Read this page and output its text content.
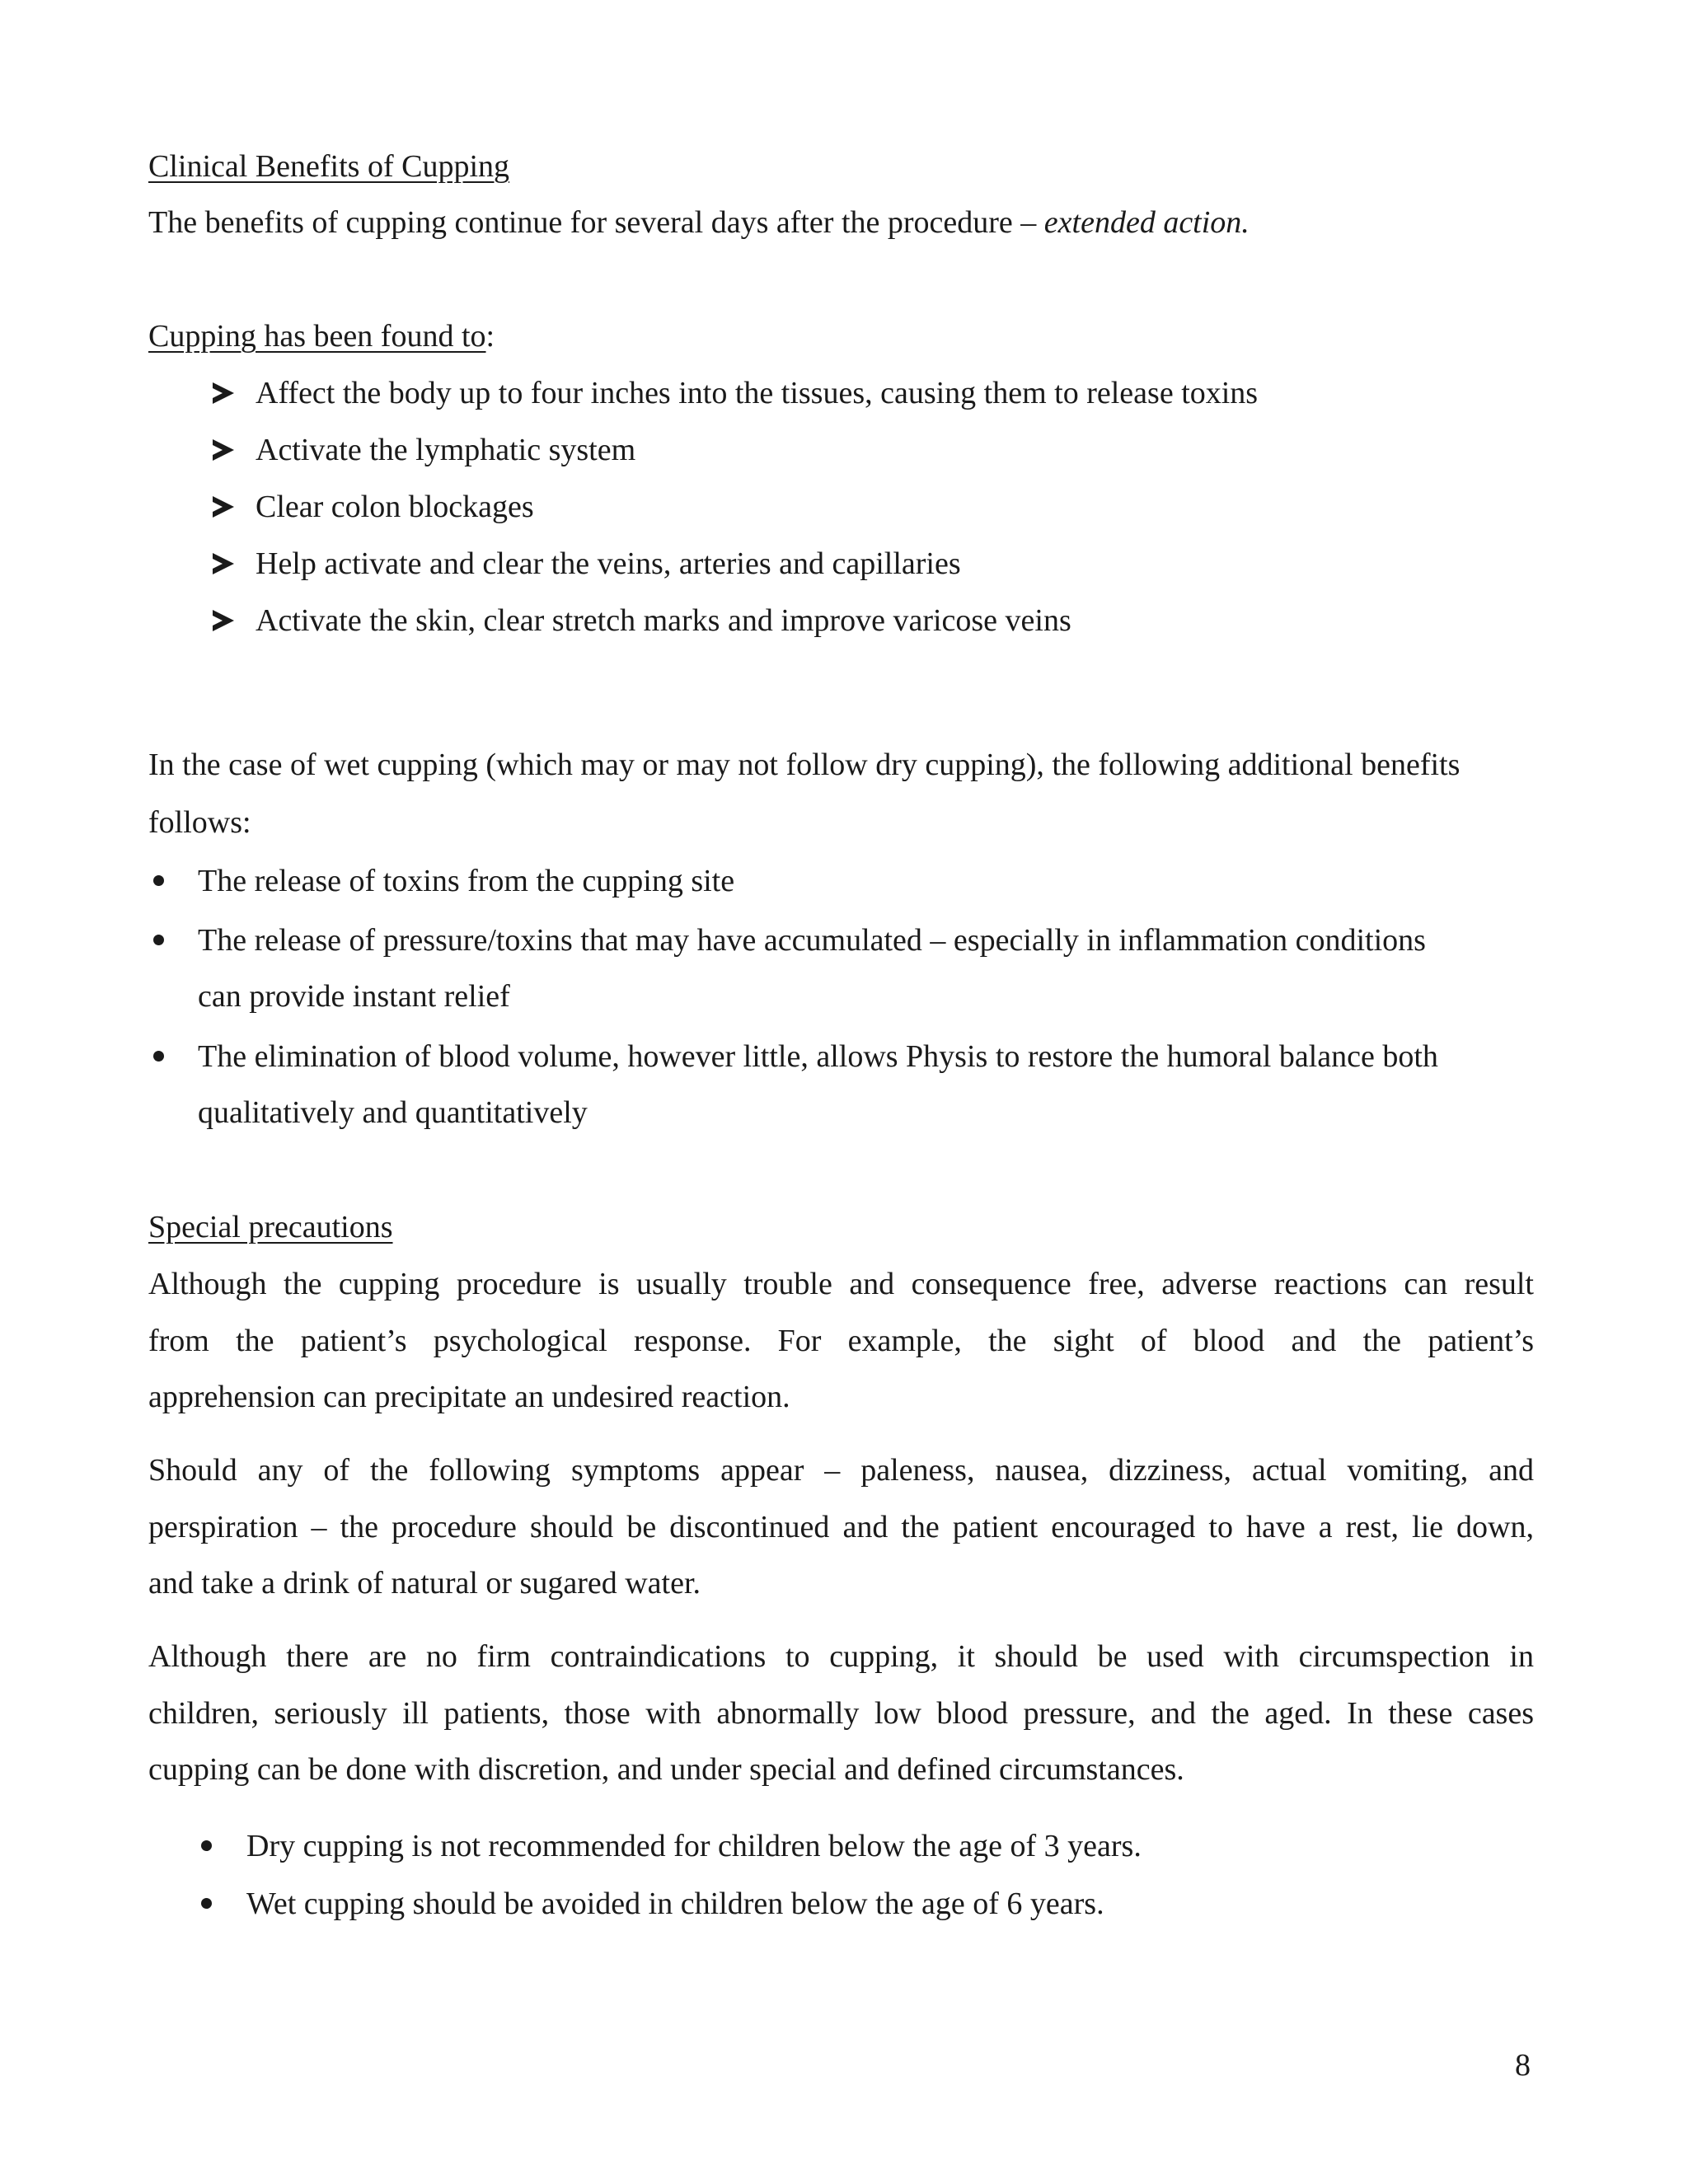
Clinical Benefits of Cupping
The benefits of cupping continue for several days after the procedure – extended action.
Cupping has been found to:
Affect the body up to four inches into the tissues, causing them to release toxins
Activate the lymphatic system
Clear colon blockages
Help activate and clear the veins, arteries and capillaries
Activate the skin, clear stretch marks and improve varicose veins
In the case of wet cupping (which may or may not follow dry cupping), the following additional benefits
follows:
The release of toxins from the cupping site
The release of pressure/toxins that may have accumulated – especially in inflammation conditions
can provide instant relief
The elimination of blood volume, however little, allows Physis to restore the humoral balance both
qualitatively and quantitatively
Special precautions
Although the cupping procedure is usually trouble and consequence free, adverse reactions can result
from the patient’s psychological response. For example, the sight of blood and the patient’s
apprehension can precipitate an undesired reaction.
Should any of the following symptoms appear – paleness, nausea, dizziness, actual vomiting, and
perspiration – the procedure should be discontinued and the patient encouraged to have a rest, lie down,
and take a drink of natural or sugared water.
Although there are no firm contraindications to cupping, it should be used with circumspection in
children, seriously ill patients, those with abnormally low blood pressure, and the aged. In these cases
cupping can be done with discretion, and under special and defined circumstances.
Dry cupping is not recommended for children below the age of 3 years.
Wet cupping should be avoided in children below the age of 6 years.
8
